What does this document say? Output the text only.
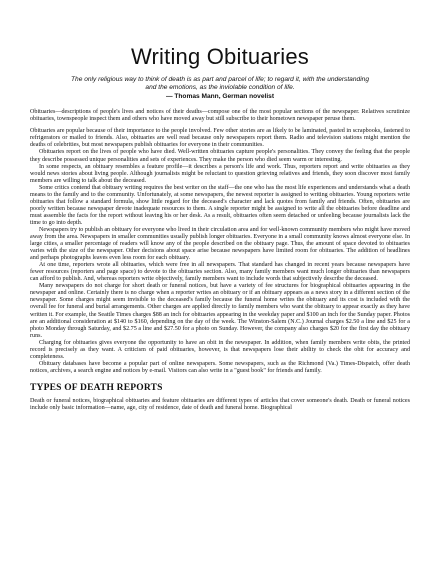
Writing Obituaries

The only religious way to think of death is as part and parcel of life; to regard it, with the understanding and the emotions, as the inviolable condition of life.

— Thomas Mann, German novelist

Obituaries—descriptions of people's lives and notices of their deaths—compose one of the most popular sections of the newspaper. Relatives scrutinize obituaries, townspeople inspect them and others who have moved away but still subscribe to their hometown newspaper peruse them.

Obituaries are popular because of their importance to the people involved. Few other stories are as likely to be laminated, pasted in scrapbooks, fastened to refrigerators or mailed to friends. Also, obituaries are well read because only newspapers report them. Radio and television stations might mention the deaths of celebrities, but most newspapers publish obituaries for everyone in their communities.

Obituaries report on the lives of people who have died. Well-written obituaries capture people's personalities. They convey the feeling that the people they describe possessed unique personalities and sets of experiences. They make the person who died seem warm or interesting.

In some respects, an obituary resembles a feature profile—it describes a person's life and work. Thus, reporters report and write obituaries as they would news stories about living people. Although journalists might be reluctant to question grieving relatives and friends, they soon discover most family members are willing to talk about the deceased.

Some critics contend that obituary writing requires the best writer on the staff—the one who has the most life experiences and understands what a death means to the family and to the community. Unfortunately, at some newspapers, the newest reporter is assigned to writing obituaries. Young reporters write obituaries that follow a standard formula, show little regard for the deceased's character and lack quotes from family and friends. Often, obituaries are poorly written because newspaper devote inadequate resources to them. A single reporter might be assigned to write all the obituaries before deadline and must assemble the facts for the report without leaving his or her desk. As a result, obituaries often seem detached or unfeeling because journalists lack the time to go into depth.

Newspapers try to publish an obituary for everyone who lived in their circulation area and for well-known community members who might have moved away from the area. Newspapers in smaller communities usually publish longer obituaries. Everyone in a small community knows almost everyone else. In large cities, a smaller percentage of readers will know any of the people described on the obituary page. Thus, the amount of space devoted to obituaries varies with the size of the newspaper. Other decisions about space arise because newspapers have limited room for obituaries. The addition of headlines and perhaps photographs leaves even less room for each obituary.

At one time, reporters wrote all obituaries, which were free in all newspapers. That standard has changed in recent years because newspapers have fewer resources (reporters and page space) to devote to the obituaries section. Also, many family members want much longer obituaries than newspapers can afford to publish. And, whereas reporters write objectively, family members want to include words that subjectively describe the deceased.

Many newspapers do not charge for short death or funeral notices, but have a variety of fee structures for biographical obituaries appearing in the newspaper and online. Certainly there is no charge when a reporter writes an obituary or if an obituary appears as a news story in a different section of the newspaper. Some charges might seem invisible to the deceased's family because the funeral home writes the obituary and its cost is included with the overall fee for funeral and burial arrangements. Other charges are applied directly to family members who want the obituary to appear exactly as they have written it. For example, the Seattle Times charges $88 an inch for obituaries appearing in the weekday paper and $100 an inch for the Sunday paper. Photos are an additional consideration at $140 to $160, depending on the day of the week. The Winston-Salem (N.C.) Journal charges $2.50 a line and $25 for a photo Monday through Saturday, and $2.75 a line and $27.50 for a photo on Sunday. However, the company also charges $20 for the first day the obituary runs.

Charging for obituaries gives everyone the opportunity to have an obit in the newspaper. In addition, when family members write obits, the printed record is precisely as they want. A criticism of paid obituaries, however, is that newspapers lose their ability to check the obit for accuracy and completeness.

Obituary databases have become a popular part of online newspapers. Some newspapers, such as the Richmond (Va.) Times-Dispatch, offer death notices, archives, a search engine and notices by e-mail. Visitors can also write in a "guest book" for friends and family.

TYPES OF DEATH REPORTS

Death or funeral notices, biographical obituaries and feature obituaries are different types of articles that cover someone's death. Death or funeral notices include only basic information—name, age, city of residence, date of death and funeral home. Biographical
